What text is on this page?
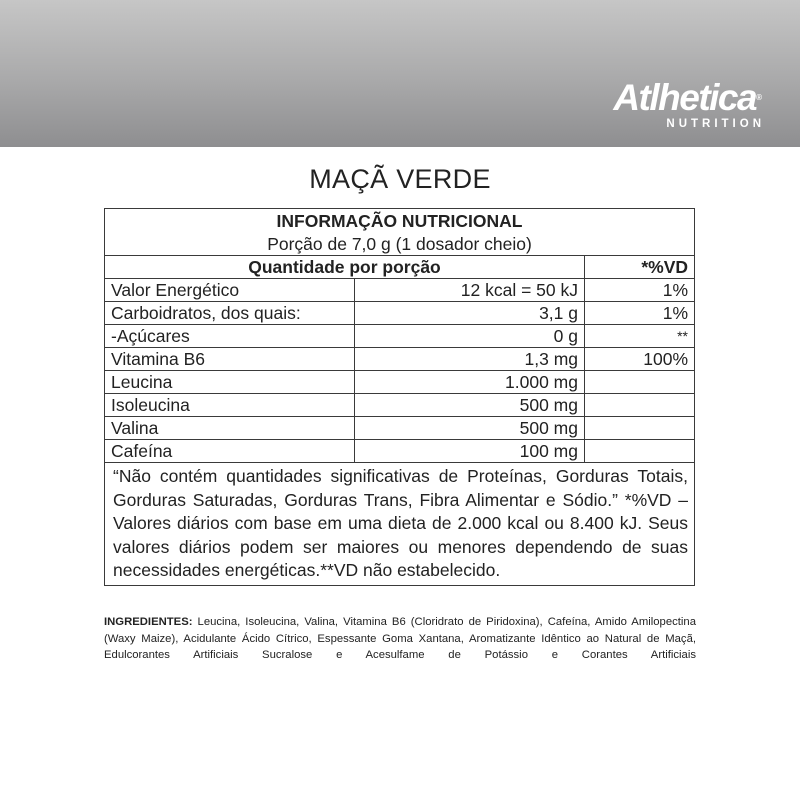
Atlhetica®
NUTRITION
MAÇÃ VERDE
INFORMAÇÃO NUTRICIONAL		
Porção de 7,0 g (1 dosador cheio)		
Quantidade por porção		*%VD
Valor Energético	12 kcal = 50 kJ	1%
Carboidratos, dos quais:	3,1 g	1%
-Açúcares	0 g	**
Vitamina B6	1,3 mg	100%
Leucina	1.000 mg	
Isoleucina	500 mg	
Valina	500 mg	
Cafeína	100 mg	
“Não contém quantidades significativas de Proteínas, Gorduras Totais, Gorduras Saturadas, Gorduras Trans, Fibra Alimentar e Sódio.” *%VD – Valores diários com base em uma dieta de 2.000 kcal ou 8.400 kJ. Seus valores diários podem ser maiores ou menores dependendo de suas necessidades energéticas.**VD não estabelecido.		
INGREDIENTES: Leucina, Isoleucina, Valina, Vitamina B6 (Cloridrato de Piridoxina), Cafeína, Amido Amilopectina (Waxy Maize), Acidulante Ácido Cítrico, Espessante Goma Xantana, Aromatizante Idêntico ao Natural de Maçã, Edulcorantes Artificiais Sucralose e Acesulfame de Potássio e Corantes Artificiais
